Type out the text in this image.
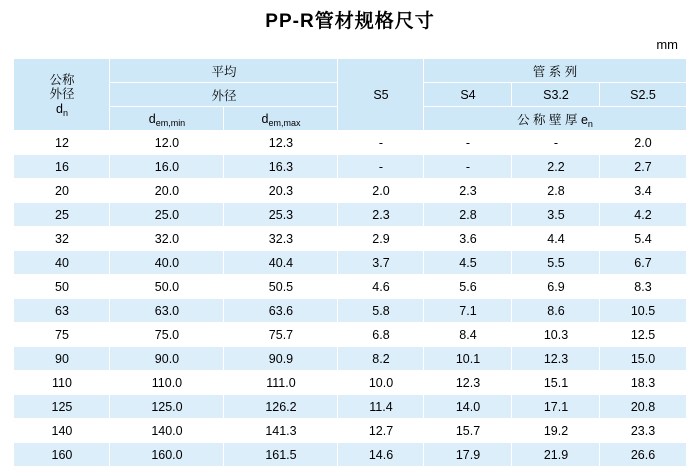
PP-R管材规格尺寸
mm
公称
外径
$d_n$	平均		S5	管 系 列		
	外径			S4	S3.2	S2.5
	$d_{em,min}$	$d_{em,max}$		公 称 壁 厚 $e_n$
12	12.0	12.3	-	-	-	2.0
16	16.0	16.3	-	-	2.2	2.7
20	20.0	20.3	2.0	2.3	2.8	3.4
25	25.0	25.3	2.3	2.8	3.5	4.2
32	32.0	32.3	2.9	3.6	4.4	5.4
40	40.0	40.4	3.7	4.5	5.5	6.7
50	50.0	50.5	4.6	5.6	6.9	8.3
63	63.0	63.6	5.8	7.1	8.6	10.5
75	75.0	75.7	6.8	8.4	10.3	12.5
90	90.0	90.9	8.2	10.1	12.3	15.0
110	110.0	111.0	10.0	12.3	15.1	18.3
125	125.0	126.2	11.4	14.0	17.1	20.8
140	140.0	141.3	12.7	15.7	19.2	23.3
160	160.0	161.5	14.6	17.9	21.9	26.6
